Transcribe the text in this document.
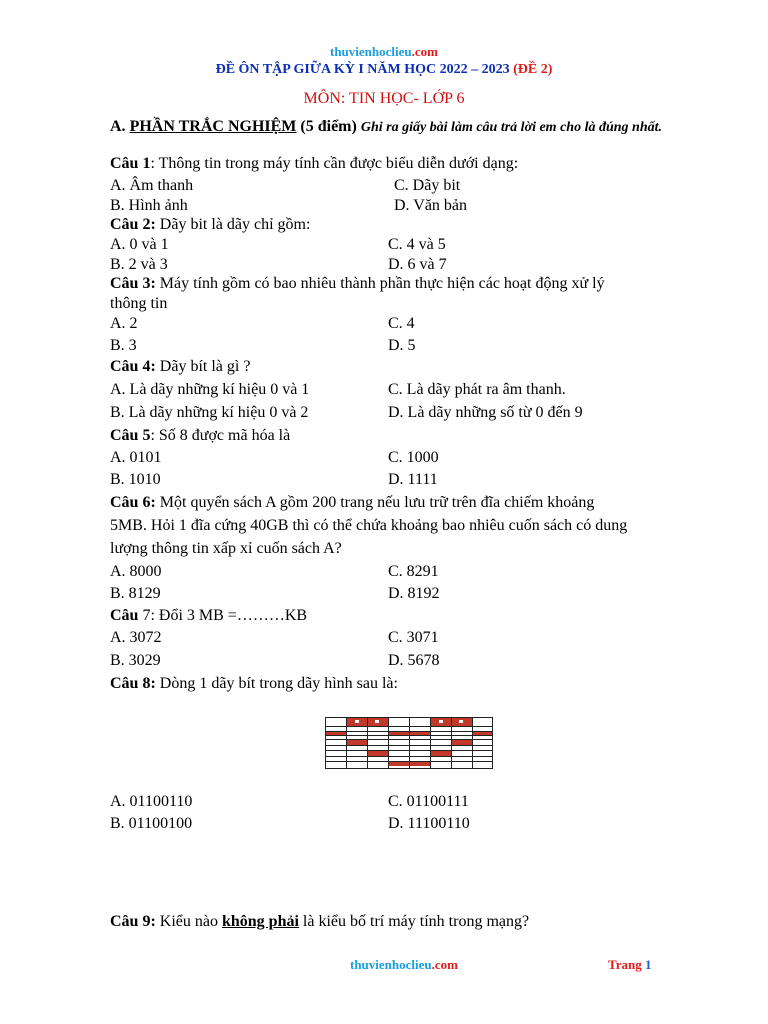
thuvienhoclieu.com
ĐỀ ÔN TẬP GIỮA KỲ I NĂM HỌC 2022 – 2023 (ĐỀ 2)
MÔN: TIN HỌC- LỚP 6
A. PHẦN TRẮC NGHIỆM (5 điểm) Ghi ra giấy bài làm câu trả lời em cho là đúng nhất.
Câu 1: Thông tin trong máy tính cần được biểu diễn dưới dạng:
A. Âm thanh	C. Dãy bit
B. Hình ảnh	D. Văn bản
Câu 2: Dãy bit là dãy chỉ gồm:
A. 0 và 1	C. 4 và 5
B. 2 và 3	D. 6 và 7
Câu 3: Máy tính gồm có bao nhiêu thành phần thực hiện các hoạt động xử lý
thông tin
A. 2	C. 4
B. 3	D. 5
Câu 4: Dãy bít là gì ?
A. Là dãy những kí hiệu 0 và 1	C. Là dãy phát ra âm thanh.
B. Là dãy những kí hiệu 0 và 2	D. Là dãy những số từ 0 đến 9
Câu 5: Số 8 được mã hóa là
A. 0101	C. 1000
B. 1010	D. 1111
Câu 6: Một quyển sách A gồm 200 trang nếu lưu trữ trên đĩa chiếm khoảng
5MB. Hỏi 1 đĩa cứng 40GB thì có thể chứa khoảng bao nhiêu cuốn sách có dung
lượng thông tin xấp xỉ cuốn sách A?
A. 8000	C. 8291
B. 8129	D. 8192
Câu 7: Đổi 3 MB =………KB
A. 3072	C. 3071
B. 3029	D. 5678
Câu 8: Dòng 1 dãy bít trong dãy hình sau là:
A. 01100110	C. 01100111
B. 01100100	D. 11100110
Câu 9: Kiểu nào không phải là kiểu bố trí máy tính trong mạng?
thuvienhoclieu.com	Trang 1
